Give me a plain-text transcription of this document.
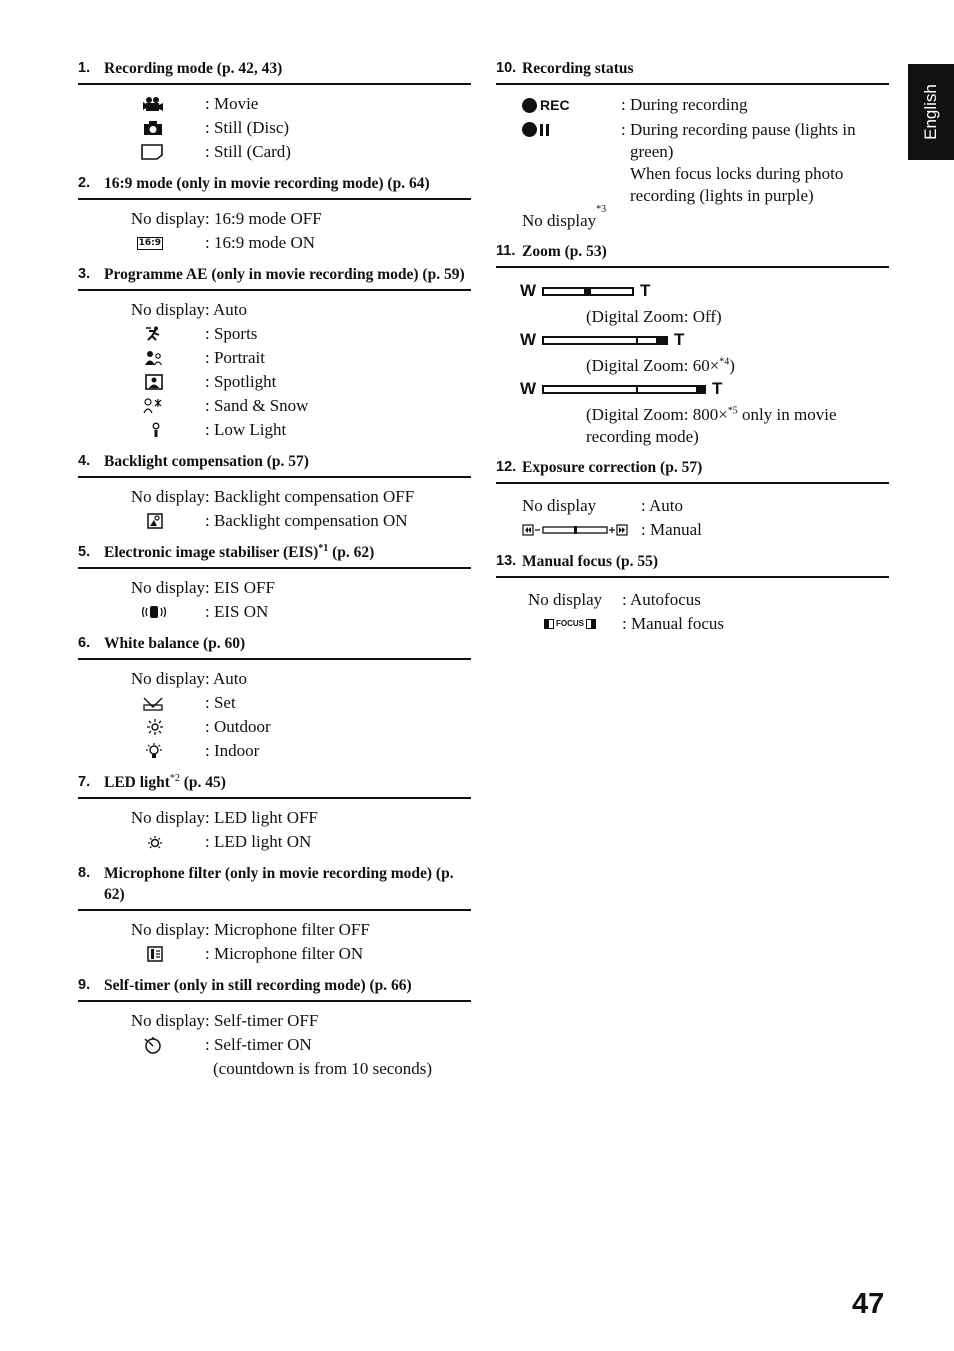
English
1. Recording mode (p. 42, 43)
: Movie
: Still (Disc)
: Still (Card)
2. 16:9 mode (only in movie recording mode) (p. 64)
No display : 16:9 mode OFF
16:9	: 16:9 mode ON
3. Programme AE (only in movie recording mode) (p. 59)
No display : Auto
: Sports
: Portrait
: Spotlight
: Sand & Snow
: Low Light
4. Backlight compensation (p. 57)
No display : Backlight compensation OFF
: Backlight compensation ON
5. Electronic image stabiliser (EIS)$^{*1}$ (p. 62)
No display : EIS OFF
: EIS ON
6. White balance (p. 60)
No display : Auto
: Set
: Outdoor
: Indoor
7. LED light$^{*2}$ (p. 45)
No display : LED light OFF
: LED light ON
8. Microphone filter (only in movie recording mode) (p. 62)
No display : Microphone filter OFF
: Microphone filter ON
9. Self-timer (only in still recording mode) (p. 66)
No display : Self-timer OFF
: Self-timer ON
(countdown is from 10 seconds)
10. Recording status
REC	: During recording
: During recording pause (lights in green)
When focus locks during photo recording (lights in purple)
No display
*3
11. Zoom (p. 53)
W	T
(Digital Zoom: Off)
W	T
(Digital Zoom: 60×$^{*4}$)
W	T
(Digital Zoom: 800×$^{*5}$ only in movie recording mode)
12. Exposure correction (p. 57)
No display	: Auto
: Manual
13. Manual focus (p. 55)
No display	: Autofocus
FOCUS : Manual focus
47
